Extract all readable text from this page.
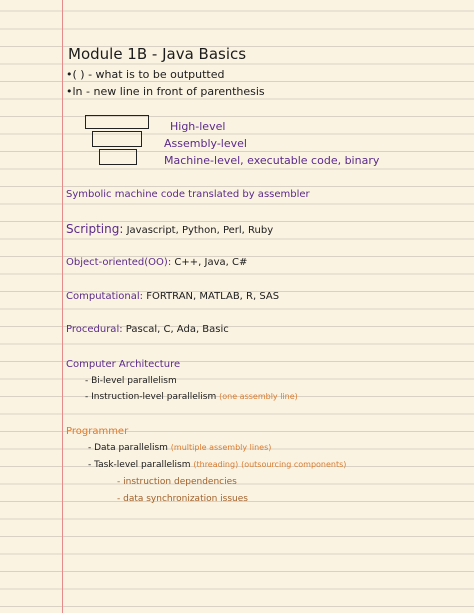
Module 1B - Java Basics
•( ) - what is to be outputted
•ln - new line in front of parenthesis
High-level
Assembly-level
Machine-level, executable code, binary
Symbolic machine code translated by assembler
Scripting: Javascript, Python, Perl, Ruby
Object-oriented(OO): C++, Java, C#
Computational: FORTRAN, MATLAB, R, SAS
Procedural: Pascal, C, Ada, Basic
Computer Architecture
- Bi-level parallelism
- Instruction-level parallelism (one assembly line)
Programmer
- Data parallelism (multiple assembly lines)
- Task-level parallelism (threading) (outsourcing components)
- instruction dependencies
- data synchronization issues
